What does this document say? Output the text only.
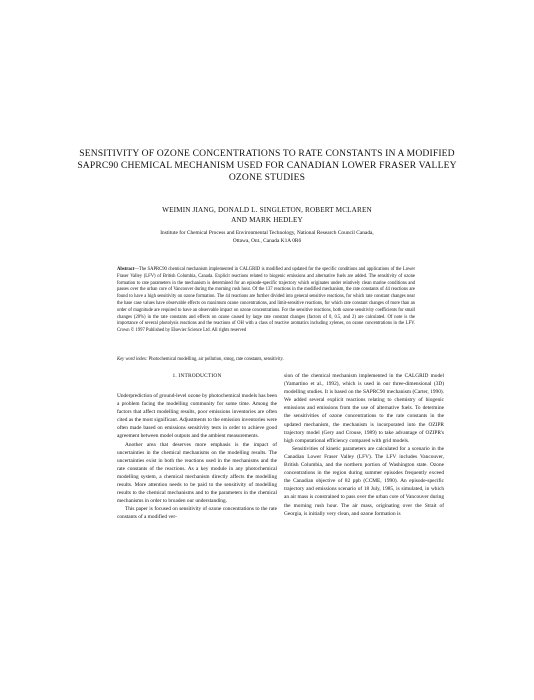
SENSITIVITY OF OZONE CONCENTRATIONS TO RATE CONSTANTS IN A MODIFIED SAPRC90 CHEMICAL MECHANISM USED FOR CANADIAN LOWER FRASER VALLEY OZONE STUDIES
WEIMIN JIANG, DONALD L. SINGLETON, ROBERT MCLAREN
AND MARK HEDLEY
Institute for Chemical Process and Environmental Technology, National Research Council Canada,
Ottawa, Ont., Canada K1A 0R6
Abstract—The SAPRC90 chemical mechanism implemented in CALGRID is modified and updated for the specific conditions and applications of the Lower Fraser Valley (LFV) of British Columbia, Canada. Explicit reactions related to biogenic emissions and alternative fuels are added. The sensitivity of ozone formation to rate parameters in the mechanism is determined for an episode-specific trajectory which originates under relatively clean marine conditions and passes over the urban core of Vancouver during the morning rush hour. Of the 137 reactions in the modified mechanism, the rate constants of 44 reactions are found to have a high sensitivity on ozone formation. The 44 reactions are further divided into general sensitive reactions, for which rate constant changes near the base case values have observable effects on maximum ozone concentrations, and limit-sensitive reactions, for which rate constant changes of more than an order of magnitude are required to have an observable impact on ozone concentrations. For the sensitive reactions, both ozone sensitivity coefficients for small changes (20%) in the rate constants and effects on ozone caused by large rate constant changes (factors of 0, 0.5, and 2) are calculated. Of note is the importance of several photolysis reactions and the reactions of OH with a class of reactive aromatics including xylenes, on ozone concentrations in the LFV. Crown © 1997 Published by Elsevier Science Ltd. All rights reserved
Key word index: Photochemical modelling, air pollution, smog, rate constants, sensitivity.
1. INTRODUCTION

Underprediction of ground-level ozone by photochemical models has been a problem facing the modelling community for some time. Among the factors that affect modelling results, poor emissions inventories are often cited as the most significant. Adjustments to the emission inventories were often made based on emissions sensitivity tests in order to achieve good agreement between model outputs and the ambient measurements.

Another area that deserves more emphasis is the impact of uncertainties in the chemical mechanisms on the modelling results. The uncertainties exist in both the reactions used in the mechanisms and the rate constants of the reactions. As a key module in any photochemical modelling system, a chemical mechanism directly affects the modelling results. More attention needs to be paid to the sensitivity of modelling results to the chemical mechanisms and to the parameters in the chemical mechanisms in order to broaden our understanding.

This paper is focused on sensitivity of ozone concentrations to the rate constants of a modified ver-

sion of the chemical mechanism implemented in the CALGRID model (Yamartino et al., 1992), which is used in our three-dimensional (3D) modelling studies. It is based on the SAPRC90 mechanism (Carter, 1990). We added several explicit reactions relating to chemistry of biogenic emissions and emissions from the use of alternative fuels. To determine the sensitivities of ozone concentrations to the rate constants in the updated mechanism, the mechanism is incorporated into the OZIPR trajectory model (Gery and Crouse, 1989) to take advantage of OZIPR's high computational efficiency compared with grid models.

Sensitivities of kinetic parameters are calculated for a scenario in the Canadian Lower Fraser Valley (LFV). The LFV includes Vancouver, British Columbia, and the northern portion of Washington state. Ozone concentrations in the region during summer episodes frequently exceed the Canadian objective of 82 ppb (CCME, 1990). An episode-specific trajectory and emissions scenario of 18 July, 1985, is simulated, in which an air mass is constrained to pass over the urban core of Vancouver during the morning rush hour. The air mass, originating over the Strait of Georgia, is initially very clean, and ozone formation is
